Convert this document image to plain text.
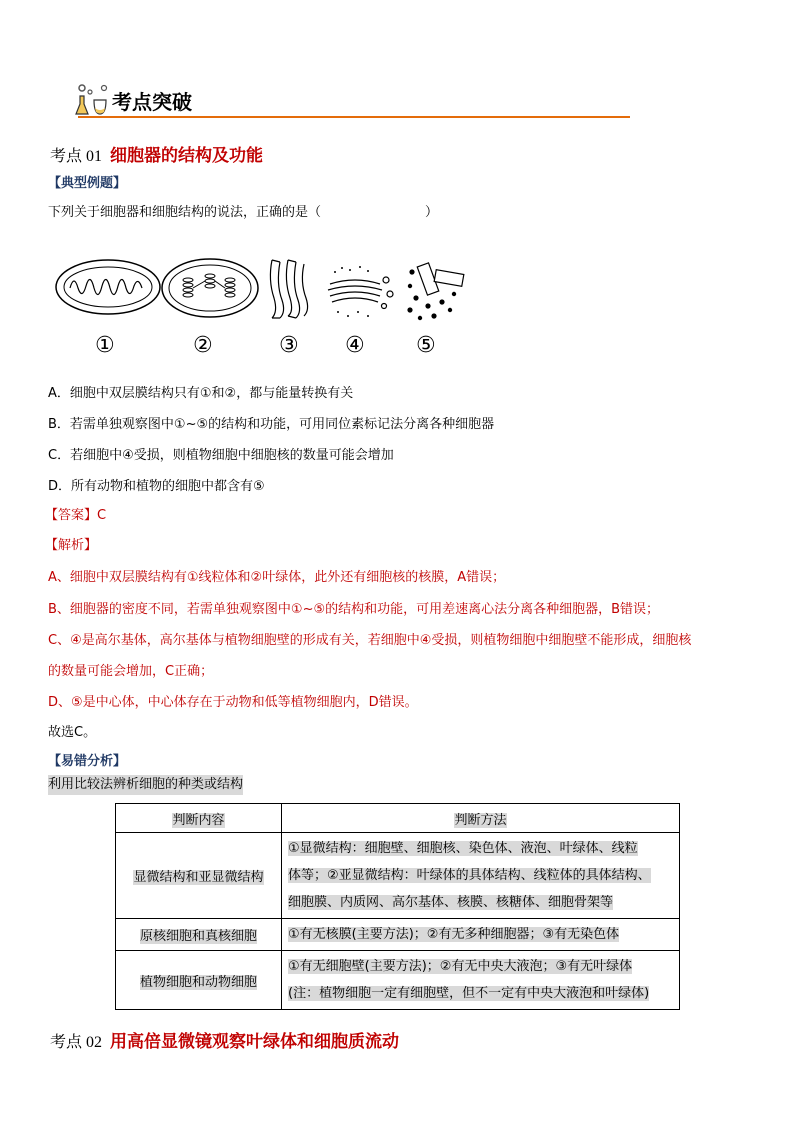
考点突破
考点 01 细胞器的结构及功能
【典型例题】
下列关于细胞器和细胞结构的说法，正确的是（　　　　　　　　）
①	②	③ ④ ⑤
A．细胞中双层膜结构只有①和②，都与能量转换有关
B．若需单独观察图中①~⑤的结构和功能，可用同位素标记法分离各种细胞器
C．若细胞中④受损，则植物细胞中细胞核的数量可能会增加
D．所有动物和植物的细胞中都含有⑤
【答案】C
【解析】
A、细胞中双层膜结构有①线粒体和②叶绿体，此外还有细胞核的核膜，A错误；
B、细胞器的密度不同，若需单独观察图中①~⑤的结构和功能，可用差速离心法分离各种细胞器，B错误；
C、④是高尔基体，高尔基体与植物细胞壁的形成有关，若细胞中④受损，则植物细胞中细胞壁不能形成，细胞核
的数量可能会增加，C正确；
D、⑤是中心体，中心体存在于动物和低等植物细胞内，D错误。
故选C。
【易错分析】
利用比较法辨析细胞的种类或结构
判断内容	判断方法
显微结构和亚显微结构	①显微结构：细胞壁、细胞核、染色体、液泡、叶绿体、线粒
体等；②亚显微结构：叶绿体的具体结构、线粒体的具体结构、
细胞膜、内质网、高尔基体、核膜、核糖体、细胞骨架等
原核细胞和真核细胞	①有无核膜(主要方法)；②有无多种细胞器；③有无染色体
植物细胞和动物细胞	①有无细胞壁(主要方法)；②有无中央大液泡；③有无叶绿体
(注：植物细胞一定有细胞壁，但不一定有中央大液泡和叶绿体)
考点 02 用高倍显微镜观察叶绿体和细胞质流动
